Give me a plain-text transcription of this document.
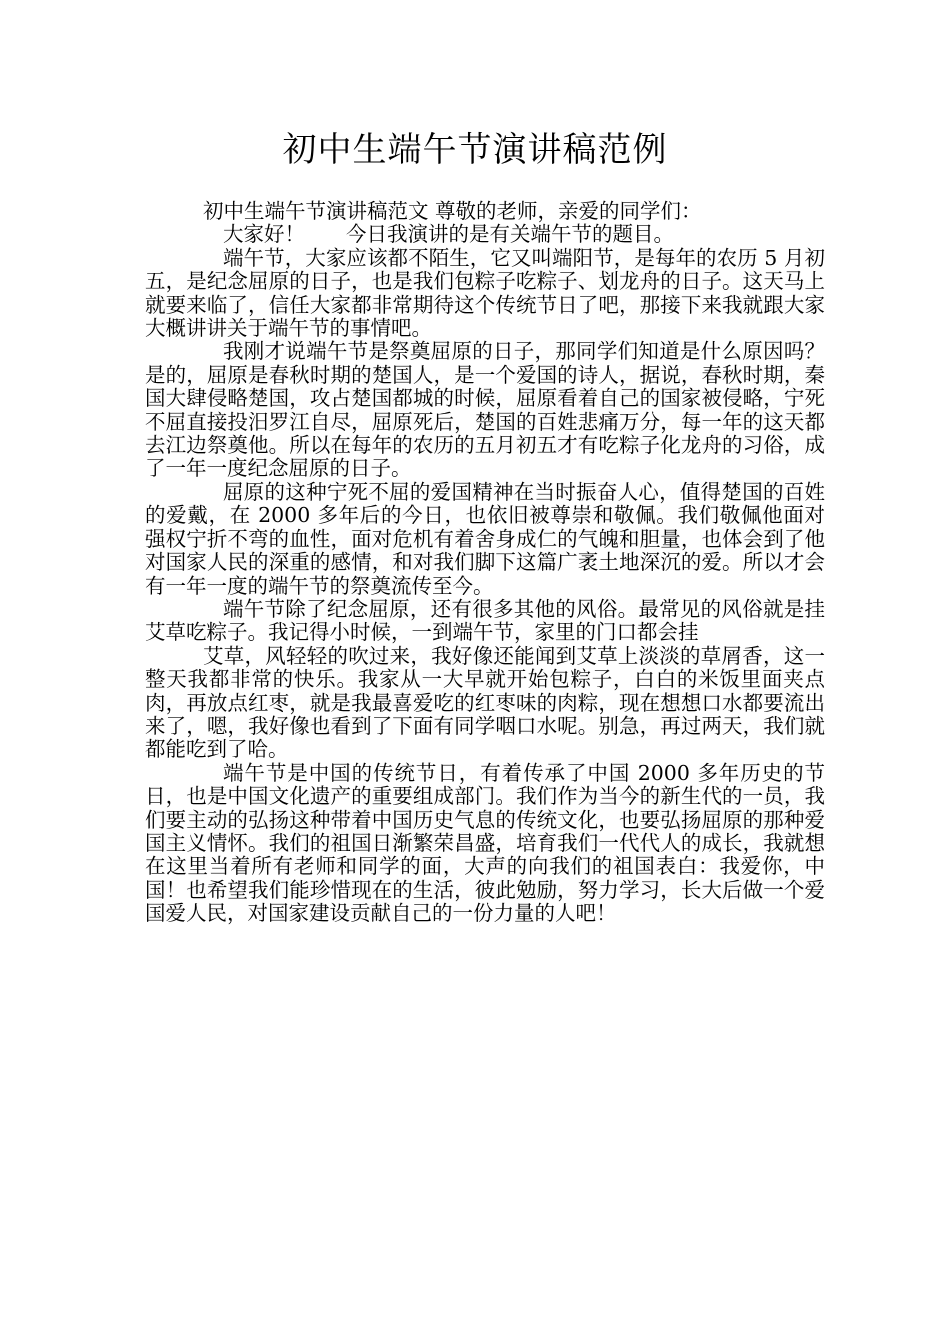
初中生端午节演讲稿范例

初中生端午节演讲稿范文 尊敬的老师，亲爱的同学们：

大家好！　　今日我演讲的是有关端午节的题目。

端午节，大家应该都不陌生，它又叫端阳节，是每年的农历 5 月初五，是纪念屈原的日子，也是我们包粽子吃粽子、划龙舟的日子。这天马上就要来临了，信任大家都非常期待这个传统节日了吧，那接下来我就跟大家大概讲讲关于端午节的事情吧。

我刚才说端午节是祭奠屈原的日子，那同学们知道是什么原因吗？是的，屈原是春秋时期的楚国人，是一个爱国的诗人，据说，春秋时期，秦国大肆侵略楚国，攻占楚国都城的时候，屈原看着自己的国家被侵略，宁死不屈直接投汨罗江自尽，屈原死后，楚国的百姓悲痛万分，每一年的这天都去江边祭奠他。所以在每年的农历的五月初五才有吃粽子化龙舟的习俗，成了一年一度纪念屈原的日子。

屈原的这种宁死不屈的爱国精神在当时振奋人心，值得楚国的百姓的爱戴，在 2000 多年后的今日，也依旧被尊崇和敬佩。我们敬佩他面对强权宁折不弯的血性，面对危机有着舍身成仁的气魄和胆量，也体会到了他对国家人民的深重的感情，和对我们脚下这篇广袤土地深沉的爱。所以才会有一年一度的端午节的祭奠流传至今。

端午节除了纪念屈原，还有很多其他的风俗。最常见的风俗就是挂艾草吃粽子。我记得小时候，一到端午节，家里的门口都会挂

艾草，风轻轻的吹过来，我好像还能闻到艾草上淡淡的草屑香，这一整天我都非常的快乐。我家从一大早就开始包粽子，白白的米饭里面夹点肉，再放点红枣，就是我最喜爱吃的红枣味的肉粽，现在想想口水都要流出来了，嗯，我好像也看到了下面有同学咽口水呢。别急，再过两天，我们就都能吃到了哈。

端午节是中国的传统节日，有着传承了中国 2000 多年历史的节日，也是中国文化遗产的重要组成部门。我们作为当今的新生代的一员，我们要主动的弘扬这种带着中国历史气息的传统文化，也要弘扬屈原的那种爱国主义情怀。我们的祖国日渐繁荣昌盛，培育我们一代代人的成长，我就想在这里当着所有老师和同学的面，大声的向我们的祖国表白：我爱你，中国！也希望我们能珍惜现在的生活，彼此勉励，努力学习，长大后做一个爱国爱人民，对国家建设贡献自己的一份力量的人吧！
